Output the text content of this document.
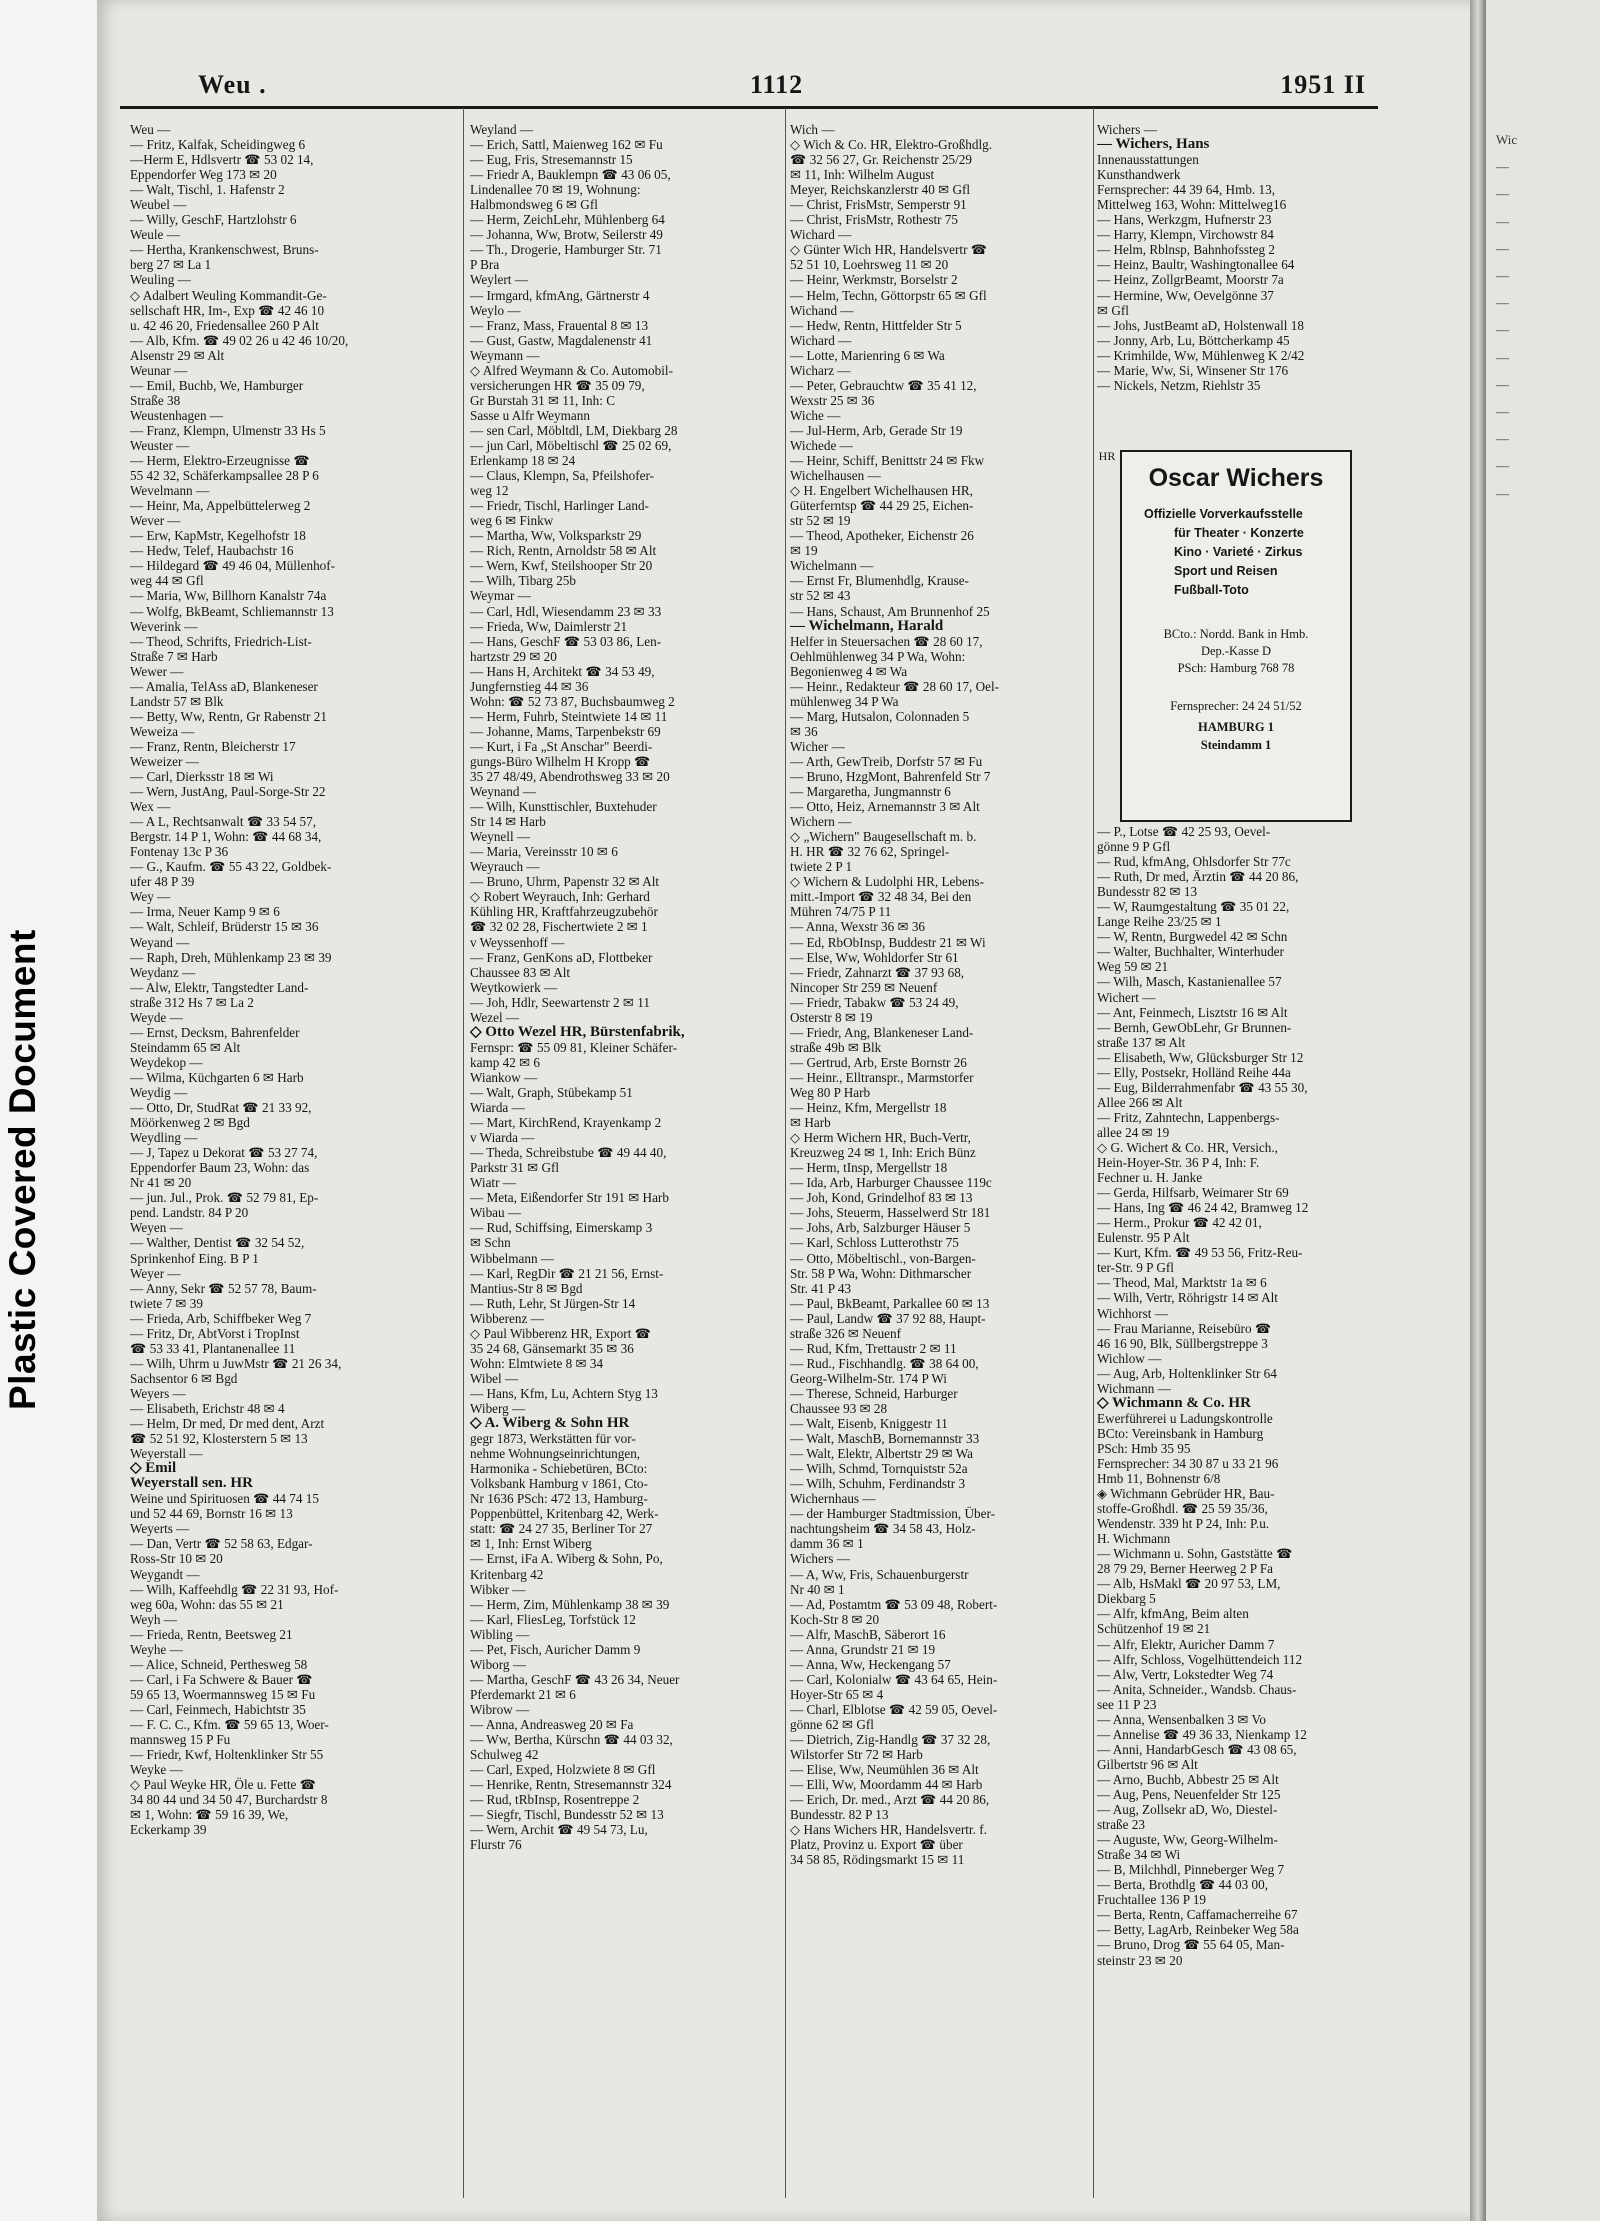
Plastic Covered Document
Wic
—
—
—
—
—
—
—
—
—
—
—
—
—
Weu .	1112	1951 II
Weu —
— Fritz, Kalfak, Scheidingweg 6
—Herm E, Hdlsvertr ☎ 53 02 14,
Eppendorfer Weg 173 ✉ 20
— Walt, Tischl, 1. Hafenstr 2
Weubel —
— Willy, GeschF, Hartzlohstr 6
Weule —
— Hertha, Krankenschwest, Bruns-
berg 27 ✉ La 1
Weuling —
◇ Adalbert Weuling Kommandit-Ge-
sellschaft HR, Im-, Exp ☎ 42 46 10
u. 42 46 20, Friedensallee 260 P Alt
— Alb, Kfm. ☎ 49 02 26 u 42 46 10/20,
Alsenstr 29 ✉ Alt
Weunar —
— Emil, Buchb, We, Hamburger
Straße 38
Weustenhagen —
— Franz, Klempn, Ulmenstr 33 Hs 5
Weuster —
— Herm, Elektro-Erzeugnisse ☎
55 42 32, Schäferkampsallee 28 P 6
Wevelmann —
— Heinr, Ma, Appelbüttelerweg 2
Wever —
— Erw, KapMstr, Kegelhofstr 18
— Hedw, Telef, Haubachstr 16
— Hildegard ☎ 49 46 04, Müllenhof-
weg 44 ✉ Gfl
— Maria, Ww, Billhorn Kanalstr 74a
— Wolfg, BkBeamt, Schliemannstr 13
Weverink —
— Theod, Schrifts, Friedrich-List-
Straße 7 ✉ Harb
Wewer —
— Amalia, TelAss aD, Blankeneser
Landstr 57 ✉ Blk
— Betty, Ww, Rentn, Gr Rabenstr 21
Weweiza —
— Franz, Rentn, Bleicherstr 17
Weweizer —
— Carl, Dierksstr 18 ✉ Wi
— Wern, JustAng, Paul-Sorge-Str 22
Wex —
— A L, Rechtsanwalt ☎ 33 54 57,
Bergstr. 14 P 1, Wohn: ☎ 44 68 34,
Fontenay 13c P 36
— G., Kaufm. ☎ 55 43 22, Goldbek-
ufer 48 P 39
Wey —
— Irma, Neuer Kamp 9 ✉ 6
— Walt, Schleif, Brüderstr 15 ✉ 36
Weyand —
— Raph, Dreh, Mühlenkamp 23 ✉ 39
Weydanz —
— Alw, Elektr, Tangstedter Land-
straße 312 Hs 7 ✉ La 2
Weyde —
— Ernst, Decksm, Bahrenfelder
Steindamm 65 ✉ Alt
Weydekop —
— Wilma, Küchgarten 6 ✉ Harb
Weydig —
— Otto, Dr, StudRat ☎ 21 33 92,
Möörkenweg 2 ✉ Bgd
Weydling —
— J, Tapez u Dekorat ☎ 53 27 74,
Eppendorfer Baum 23, Wohn: das
Nr 41 ✉ 20
— jun. Jul., Prok. ☎ 52 79 81, Ep-
pend. Landstr. 84 P 20
Weyen —
— Walther, Dentist ☎ 32 54 52,
Sprinkenhof Eing. B P 1
Weyer —
— Anny, Sekr ☎ 52 57 78, Baum-
twiete 7 ✉ 39
— Frieda, Arb, Schiffbeker Weg 7
— Fritz, Dr, AbtVorst i TropInst
☎ 53 33 41, Plantanenallee 11
— Wilh, Uhrm u JuwMstr ☎ 21 26 34,
Sachsentor 6 ✉ Bgd
Weyers —
— Elisabeth, Erichstr 48 ✉ 4
— Helm, Dr med, Dr med dent, Arzt
☎ 52 51 92, Klosterstern 5 ✉ 13
Weyerstall —
◇ Emil
Weyerstall sen. HR
Weine und Spirituosen ☎ 44 74 15
und 52 44 69, Bornstr 16 ✉ 13
Weyerts —
— Dan, Vertr ☎ 52 58 63, Edgar-
Ross-Str 10 ✉ 20
Weygandt —
— Wilh, Kaffeehdlg ☎ 22 31 93, Hof-
weg 60a, Wohn: das 55 ✉ 21
Weyh —
— Frieda, Rentn, Beetsweg 21
Weyhe —
— Alice, Schneid, Perthesweg 58
— Carl, i Fa Schwere & Bauer ☎
59 65 13, Woermannsweg 15 ✉ Fu
— Carl, Feinmech, Habichtstr 35
— F. C. C., Kfm. ☎ 59 65 13, Woer-
mannsweg 15 P Fu
— Friedr, Kwf, Holtenklinker Str 55
Weyke —
◇ Paul Weyke HR, Öle u. Fette ☎
34 80 44 und 34 50 47, Burchardstr 8
✉ 1, Wohn: ☎ 59 16 39, We,
Eckerkamp 39
Weyland —
— Erich, Sattl, Maienweg 162 ✉ Fu
— Eug, Fris, Stresemannstr 15
— Friedr A, Bauklempn ☎ 43 06 05,
Lindenallee 70 ✉ 19, Wohnung:
Halbmondsweg 6 ✉ Gfl
— Herm, ZeichLehr, Mühlenberg 64
— Johanna, Ww, Brotw, Seilerstr 49
— Th., Drogerie, Hamburger Str. 71
P Bra
Weylert —
— Irmgard, kfmAng, Gärtnerstr 4
Weylo —
— Franz, Mass, Frauental 8 ✉ 13
— Gust, Gastw, Magdalenenstr 41
Weymann —
◇ Alfred Weymann & Co. Automobil-
versicherungen HR ☎ 35 09 79,
Gr Burstah 31 ✉ 11, Inh: C
Sasse u Alfr Weymann
— sen Carl, Möbltdl, LM, Diekbarg 28
— jun Carl, Möbeltischl ☎ 25 02 69,
Erlenkamp 18 ✉ 24
— Claus, Klempn, Sa, Pfeilshofer-
weg 12
— Friedr, Tischl, Harlinger Land-
weg 6 ✉ Finkw
— Martha, Ww, Volksparkstr 29
— Rich, Rentn, Arnoldstr 58 ✉ Alt
— Wern, Kwf, Steilshooper Str 20
— Wilh, Tibarg 25b
Weymar —
— Carl, Hdl, Wiesendamm 23 ✉ 33
— Frieda, Ww, Daimlerstr 21
— Hans, GeschF ☎ 53 03 86, Len-
hartzstr 29 ✉ 20
— Hans H, Architekt ☎ 34 53 49,
Jungfernstieg 44 ✉ 36
Wohn: ☎ 52 73 87, Buchsbaumweg 2
— Herm, Fuhrb, Steintwiete 14 ✉ 11
— Johanne, Mams, Tarpenbekstr 69
— Kurt, i Fa „St Anschar" Beerdi-
gungs-Büro Wilhelm H Kropp ☎
35 27 48/49, Abendrothsweg 33 ✉ 20
Weynand —
— Wilh, Kunsttischler, Buxtehuder
Str 14 ✉ Harb
Weynell —
— Maria, Vereinsstr 10 ✉ 6
Weyrauch —
— Bruno, Uhrm, Papenstr 32 ✉ Alt
◇ Robert Weyrauch, Inh: Gerhard
Kühling HR, Kraftfahrzeugzubehör
☎ 32 02 28, Fischertwiete 2 ✉ 1
v Weyssenhoff —
— Franz, GenKons aD, Flottbeker
Chaussee 83 ✉ Alt
Weytkowierk —
— Joh, Hdlr, Seewartenstr 2 ✉ 11
Wezel —
◇ Otto Wezel HR, Bürstenfabrik,
Fernspr: ☎ 55 09 81, Kleiner Schäfer-
kamp 42 ✉ 6
Wiankow —
— Walt, Graph, Stübekamp 51
Wiarda —
— Mart, KirchRend, Krayenkamp 2
v Wiarda —
— Theda, Schreibstube ☎ 49 44 40,
Parkstr 31 ✉ Gfl
Wiatr —
— Meta, Eißendorfer Str 191 ✉ Harb
Wibau —
— Rud, Schiffsing, Eimerskamp 3
✉ Schn
Wibbelmann —
— Karl, RegDir ☎ 21 21 56, Ernst-
Mantius-Str 8 ✉ Bgd
— Ruth, Lehr, St Jürgen-Str 14
Wibberenz —
◇ Paul Wibberenz HR, Export ☎
35 24 68, Gänsemarkt 35 ✉ 36
Wohn: Elmtwiete 8 ✉ 34
Wibel —
— Hans, Kfm, Lu, Achtern Styg 13
Wiberg —
◇ A. Wiberg & Sohn HR
gegr 1873, Werkstätten für vor-
nehme Wohnungseinrichtungen,
Harmonika - Schiebetüren, BCto:
Volksbank Hamburg v 1861, Cto-
Nr 1636 PSch: 472 13, Hamburg-
Poppenbüttel, Kritenbarg 42, Werk-
statt: ☎ 24 27 35, Berliner Tor 27
✉ 1, Inh: Ernst Wiberg
— Ernst, iFa A. Wiberg & Sohn, Po,
Kritenbarg 42
Wibker —
— Herm, Zim, Mühlenkamp 38 ✉ 39
— Karl, FliesLeg, Torfstück 12
Wibling —
— Pet, Fisch, Auricher Damm 9
Wiborg —
— Martha, GeschF ☎ 43 26 34, Neuer
Pferdemarkt 21 ✉ 6
Wibrow —
— Anna, Andreasweg 20 ✉ Fa
— Ww, Bertha, Kürschn ☎ 44 03 32,
Schulweg 42
— Carl, Exped, Holzwiete 8 ✉ Gfl
— Henrike, Rentn, Stresemannstr 324
— Rud, tRbInsp, Rosentreppe 2
— Siegfr, Tischl, Bundesstr 52 ✉ 13
— Wern, Archit ☎ 49 54 73, Lu,
Flurstr 76
Wich —
◇ Wich & Co. HR, Elektro-Großhdlg.
☎ 32 56 27, Gr. Reichenstr 25/29
✉ 11, Inh: Wilhelm August
Meyer, Reichskanzlerstr 40 ✉ Gfl
— Christ, FrisMstr, Semperstr 91
— Christ, FrisMstr, Rothestr 75
Wichard —
◇ Günter Wich HR, Handelsvertr ☎
52 51 10, Loehrsweg 11 ✉ 20
— Heinr, Werkmstr, Borselstr 2
— Helm, Techn, Göttorpstr 65 ✉ Gfl
Wichand —
— Hedw, Rentn, Hittfelder Str 5
Wichard —
— Lotte, Marienring 6 ✉ Wa
Wicharz —
— Peter, Gebrauchtw ☎ 35 41 12,
Wexstr 25 ✉ 36
Wiche —
— Jul-Herm, Arb, Gerade Str 19
Wichede —
— Heinr, Schiff, Benittstr 24 ✉ Fkw
Wichelhausen —
◇ H. Engelbert Wichelhausen HR,
Güterferntsp ☎ 44 29 25, Eichen-
str 52 ✉ 19
— Theod, Apotheker, Eichenstr 26
✉ 19
Wichelmann —
— Ernst Fr, Blumenhdlg, Krause-
str 52 ✉ 43
— Hans, Schaust, Am Brunnenhof 25
— Wichelmann, Harald
Helfer in Steuersachen ☎ 28 60 17,
Oehlmühlenweg 34 P Wa, Wohn:
Begonienweg 4 ✉ Wa
— Heinr., Redakteur ☎ 28 60 17, Oel-
mühlenweg 34 P Wa
— Marg, Hutsalon, Colonnaden 5
✉ 36
Wicher —
— Arth, GewTreib, Dorfstr 57 ✉ Fu
— Bruno, HzgMont, Bahrenfeld Str 7
— Margaretha, Jungmannstr 6
— Otto, Heiz, Arnemannstr 3 ✉ Alt
Wichern —
◇ „Wichern" Baugesellschaft m. b.
H. HR ☎ 32 76 62, Springel-
twiete 2 P 1
◇ Wichern & Ludolphi HR, Lebens-
mitt.-Import ☎ 32 48 34, Bei den
Mühren 74/75 P 11
— Anna, Wexstr 36 ✉ 36
— Ed, RbObInsp, Buddestr 21 ✉ Wi
— Else, Ww, Wohldorfer Str 61
— Friedr, Zahnarzt ☎ 37 93 68,
Nincoper Str 259 ✉ Neuenf
— Friedr, Tabakw ☎ 53 24 49,
Osterstr 8 ✉ 19
— Friedr, Ang, Blankeneser Land-
straße 49b ✉ Blk
— Gertrud, Arb, Erste Bornstr 26
— Heinr., Elltranspr., Marmstorfer
Weg 80 P Harb
— Heinz, Kfm, Mergellstr 18
✉ Harb
◇ Herm Wichern HR, Buch-Vertr,
Kreuzweg 24 ✉ 1, Inh: Erich Bünz
— Herm, tInsp, Mergellstr 18
— Ida, Arb, Harburger Chaussee 119c
— Joh, Kond, Grindelhof 83 ✉ 13
— Johs, Steuerm, Hasselwerd Str 181
— Johs, Arb, Salzburger Häuser 5
— Karl, Schloss Lutterothstr 75
— Otto, Möbeltischl., von-Bargen-
Str. 58 P Wa, Wohn: Dithmarscher
Str. 41 P 43
— Paul, BkBeamt, Parkallee 60 ✉ 13
— Paul, Landw ☎ 37 92 88, Haupt-
straße 326 ✉ Neuenf
— Rud, Kfm, Trettaustr 2 ✉ 11
— Rud., Fischhandlg. ☎ 38 64 00,
Georg-Wilhelm-Str. 174 P Wi
— Therese, Schneid, Harburger
Chaussee 93 ✉ 28
— Walt, Eisenb, Kniggestr 11
— Walt, MaschB, Bornemannstr 33
— Walt, Elektr, Albertstr 29 ✉ Wa
— Wilh, Schmd, Tornquiststr 52a
— Wilh, Schuhm, Ferdinandstr 3
Wichernhaus —
— der Hamburger Stadtmission, Über-
nachtungsheim ☎ 34 58 43, Holz-
damm 36 ✉ 1
Wichers —
— A, Ww, Fris, Schauenburgerstr
Nr 40 ✉ 1
— Ad, Postamtm ☎ 53 09 48, Robert-
Koch-Str 8 ✉ 20
— Alfr, MaschB, Säberort 16
— Anna, Grundstr 21 ✉ 19
— Anna, Ww, Heckengang 57
— Carl, Kolonialw ☎ 43 64 65, Hein-
Hoyer-Str 65 ✉ 4
— Charl, Elblotse ☎ 42 59 05, Oevel-
gönne 62 ✉ Gfl
— Dietrich, Zig-Handlg ☎ 37 32 28,
Wilstorfer Str 72 ✉ Harb
— Elise, Ww, Neumühlen 36 ✉ Alt
— Elli, Ww, Moordamm 44 ✉ Harb
— Erich, Dr. med., Arzt ☎ 44 20 86,
Bundesstr. 82 P 13
◇ Hans Wichers HR, Handelsvertr. f.
Platz, Provinz u. Export ☎ über
34 58 85, Rödingsmarkt 15 ✉ 11
Wichers —
— Wichers, Hans
Innenausstattungen
Kunsthandwerk
Fernsprecher: 44 39 64, Hmb. 13,
Mittelweg 163, Wohn: Mittelweg16
— Hans, Werkzgm, Hufnerstr 23
— Harry, Klempn, Virchowstr 84
— Helm, Rblnsp, Bahnhofssteg 2
— Heinz, Baultr, Washingtonallee 64
— Heinz, ZollgrBeamt, Moorstr 7a
— Hermine, Ww, Oevelgönne 37
✉ Gfl
— Johs, JustBeamt aD, Holstenwall 18
— Jonny, Arb, Lu, Böttcherkamp 45
— Krimhilde, Ww, Mühlenweg K 2/42
— Marie, Ww, Si, Winsener Str 176
— Nickels, Netzm, Riehlstr 35
— P., Lotse ☎ 42 25 93, Oevel-
gönne 9 P Gfl
— Rud, kfmAng, Ohlsdorfer Str 77c
— Ruth, Dr med, Ärztin ☎ 44 20 86,
Bundesstr 82 ✉ 13
— W, Raumgestaltung ☎ 35 01 22,
Lange Reihe 23/25 ✉ 1
— W, Rentn, Burgwedel 42 ✉ Schn
— Walter, Buchhalter, Winterhuder
Weg 59 ✉ 21
— Wilh, Masch, Kastanienallee 57
Wichert —
— Ant, Feinmech, Lisztstr 16 ✉ Alt
— Bernh, GewObLehr, Gr Brunnen-
straße 137 ✉ Alt
— Elisabeth, Ww, Glücksburger Str 12
— Elly, Postsekr, Holländ Reihe 44a
— Eug, Bilderrahmenfabr ☎ 43 55 30,
Allee 266 ✉ Alt
— Fritz, Zahntechn, Lappenbergs-
allee 24 ✉ 19
◇ G. Wichert & Co. HR, Versich.,
Hein-Hoyer-Str. 36 P 4, Inh: F.
Fechner u. H. Janke
— Gerda, Hilfsarb, Weimarer Str 69
— Hans, Ing ☎ 46 24 42, Bramweg 12
— Herm., Prokur ☎ 42 42 01,
Eulenstr. 95 P Alt
— Kurt, Kfm. ☎ 49 53 56, Fritz-Reu-
ter-Str. 9 P Gfl
— Theod, Mal, Marktstr 1a ✉ 6
— Wilh, Vertr, Röhrigstr 14 ✉ Alt
Wichhorst —
— Frau Marianne, Reisebüro ☎
46 16 90, Blk, Süllbergstreppe 3
Wichlow —
— Aug, Arb, Holtenklinker Str 64
Wichmann —
◇ Wichmann & Co. HR
Ewerführerei u Ladungskontrolle
BCto: Vereinsbank in Hamburg
PSch: Hmb 35 95
Fernsprecher: 34 30 87 u 33 21 96
Hmb 11, Bohnenstr 6/8
◈ Wichmann Gebrüder HR, Bau-
stoffe-Großhdl. ☎ 25 59 35/36,
Wendenstr. 339 ht P 24, Inh: P.u.
H. Wichmann
— Wichmann u. Sohn, Gaststätte ☎
28 79 29, Berner Heerweg 2 P Fa
— Alb, HsMakl ☎ 20 97 53, LM,
Diekbarg 5
— Alfr, kfmAng, Beim alten
Schützenhof 19 ✉ 21
— Alfr, Elektr, Auricher Damm 7
— Alfr, Schloss, Vogelhüttendeich 112
— Alw, Vertr, Lokstedter Weg 74
— Anita, Schneider., Wandsb. Chaus-
see 11 P 23
— Anna, Wensenbalken 3 ✉ Vo
— Annelise ☎ 49 36 33, Nienkamp 12
— Anni, HandarbGesch ☎ 43 08 65,
Gilbertstr 96 ✉ Alt
— Arno, Buchb, Abbestr 25 ✉ Alt
— Aug, Pens, Neuenfelder Str 125
— Aug, Zollsekr aD, Wo, Diestel-
straße 23
— Auguste, Ww, Georg-Wilhelm-
Straße 34 ✉ Wi
— B, Milchhdl, Pinneberger Weg 7
— Berta, Brothdlg ☎ 44 03 00,
Fruchtallee 136 P 19
— Berta, Rentn, Caffamacherreihe 67
— Betty, LagArb, Reinbeker Weg 58a
— Bruno, Drog ☎ 55 64 05, Man-
steinstr 23 ✉ 20
HR
Oscar Wichers
Offizielle Vorverkaufsstelle
für Theater · Konzerte
Kino · Varieté · Zirkus
Sport und Reisen
Fußball-Toto
BCto.: Nordd. Bank in Hmb.
Dep.-Kasse D
PSch: Hamburg 768 78
Fernsprecher: 24 24 51/52
HAMBURG 1
Steindamm 1
